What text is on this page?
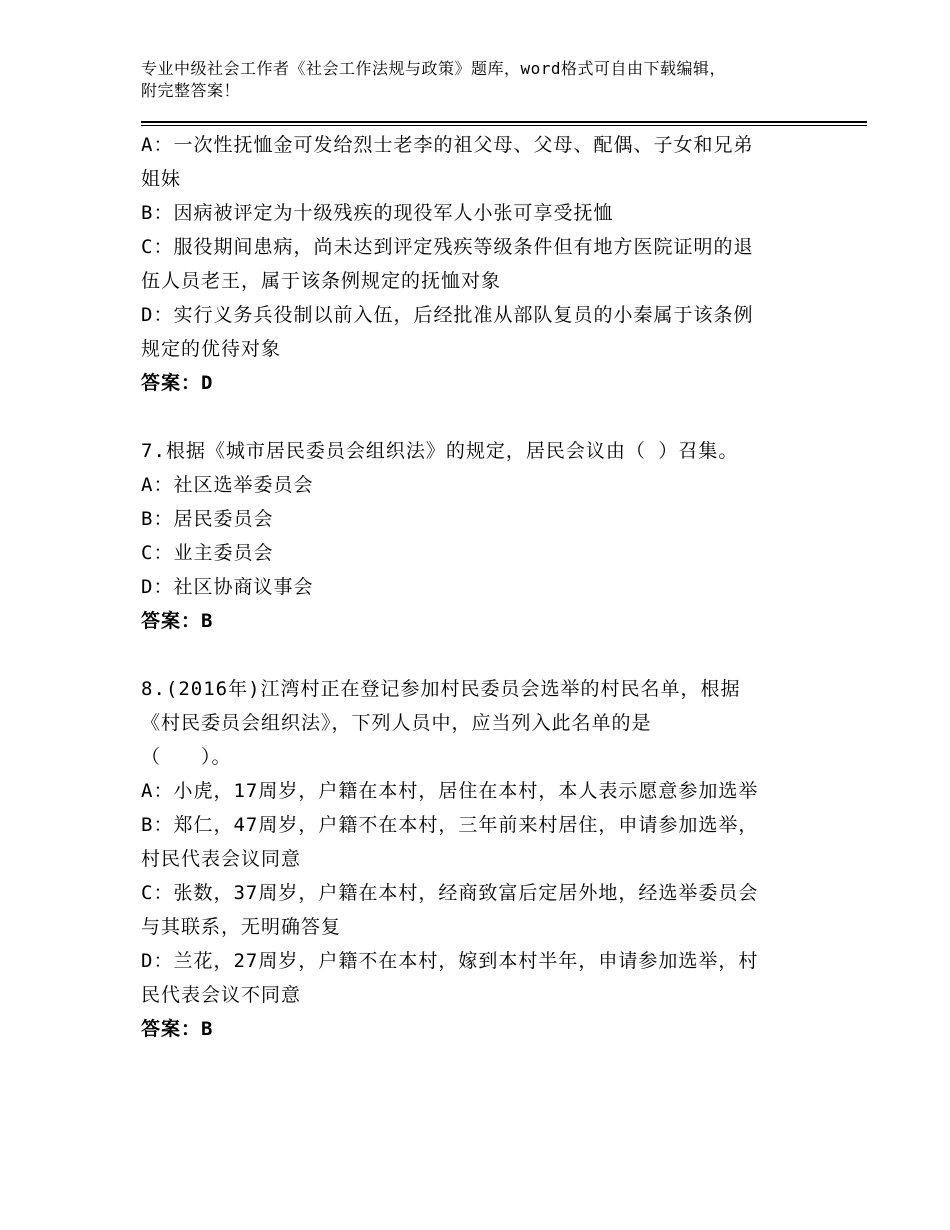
专业中级社会工作者《社会工作法规与政策》题库，word格式可自由下载编辑，
附完整答案！
A：一次性抚恤金可发给烈士老李的祖父母、父母、配偶、子女和兄弟
姐妹
B：因病被评定为十级残疾的现役军人小张可享受抚恤
C：服役期间患病，尚未达到评定残疾等级条件但有地方医院证明的退
伍人员老王，属于该条例规定的抚恤对象
D：实行义务兵役制以前入伍，后经批准从部队复员的小秦属于该条例
规定的优待对象
答案：D
7.根据《城市居民委员会组织法》的规定，居民会议由（ ）召集。
A：社区选举委员会
B：居民委员会
C：业主委员会
D：社区协商议事会
答案：B
8.(2016年)江湾村正在登记参加村民委员会选举的村民名单，根据
《村民委员会组织法》，下列人员中，应当列入此名单的是
（　　）。
A：小虎，17周岁，户籍在本村，居住在本村，本人表示愿意参加选举
B：郑仁，47周岁，户籍不在本村，三年前来村居住，申请参加选举，
村民代表会议同意
C：张数，37周岁，户籍在本村，经商致富后定居外地，经选举委员会
与其联系，无明确答复
D：兰花，27周岁，户籍不在本村，嫁到本村半年，申请参加选举，村
民代表会议不同意
答案：B
